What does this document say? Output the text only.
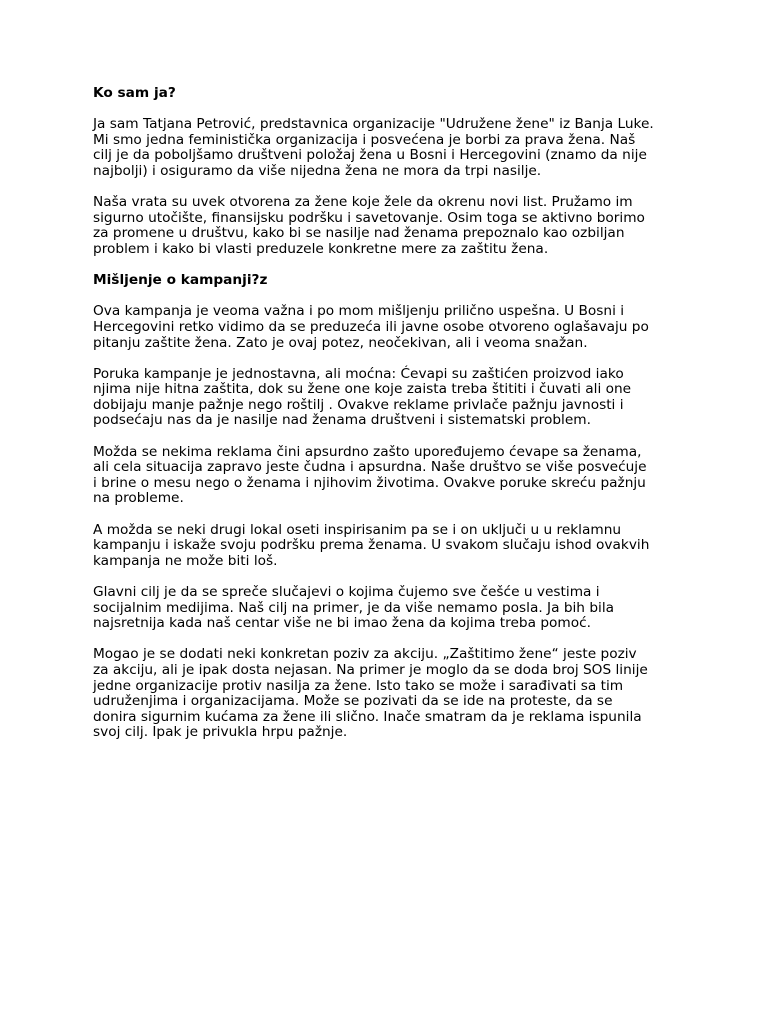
Ko sam ja?

Ja sam Tatjana Petrović, predstavnica organizacije "Udružene žene" iz Banja Luke.
Mi smo jedna feministička organizacija i posvećena je borbi za prava žena. Naš
cilj je da poboljšamo društveni položaj žena u Bosni i Hercegovini (znamo da nije
najbolji) i osiguramo da više nijedna žena ne mora da trpi nasilje.

Naša vrata su uvek otvorena za žene koje žele da okrenu novi list. Pružamo im
sigurno utočište, finansijsku podršku i savetovanje. Osim toga se aktivno borimo
za promene u društvu, kako bi se nasilje nad ženama prepoznalo kao ozbiljan
problem i kako bi vlasti preduzele konkretne mere za zaštitu žena.

Mišljenje o kampanji?z

Ova kampanja je veoma važna i po mom mišljenju prilično uspešna. U Bosni i
Hercegovini retko vidimo da se preduzeća ili javne osobe otvoreno oglašavaju po
pitanju zaštite žena. Zato je ovaj potez, neočekivan, ali i veoma snažan.

Poruka kampanje je jednostavna, ali moćna: Ćevapi su zaštićen proizvod iako
njima nije hitna zaštita, dok su žene one koje zaista treba štititi i čuvati ali one
dobijaju manje pažnje nego roštilj . Ovakve reklame privlače pažnju javnosti i
podsećaju nas da je nasilje nad ženama društveni i sistematski problem.

Možda se nekima reklama čini apsurdno zašto upoređujemo ćevape sa ženama,
ali cela situacija zapravo jeste čudna i apsurdna. Naše društvo se više posvećuje
i brine o mesu nego o ženama i njihovim životima. Ovakve poruke skreću pažnju
na probleme.

A možda se neki drugi lokal oseti inspirisanim pa se i on uključi u u reklamnu
kampanju i iskaže svoju podršku prema ženama. U svakom slučaju ishod ovakvih
kampanja ne može biti loš.

Glavni cilj je da se spreče slučajevi o kojima čujemo sve češće u vestima i
socijalnim medijima. Naš cilj na primer, je da više nemamo posla. Ja bih bila
najsretnija kada naš centar više ne bi imao žena da kojima treba pomoć.

Mogao je se dodati neki konkretan poziv za akciju. „Zaštitimo žene“ jeste poziv
za akciju, ali je ipak dosta nejasan. Na primer je moglo da se doda broj SOS linije
jedne organizacije protiv nasilja za žene. Isto tako se može i sarađivati sa tim
udruženjima i organizacijama. Može se pozivati da se ide na proteste, da se
donira sigurnim kućama za žene ili slično. Inače smatram da je reklama ispunila
svoj cilj. Ipak je privukla hrpu pažnje.
